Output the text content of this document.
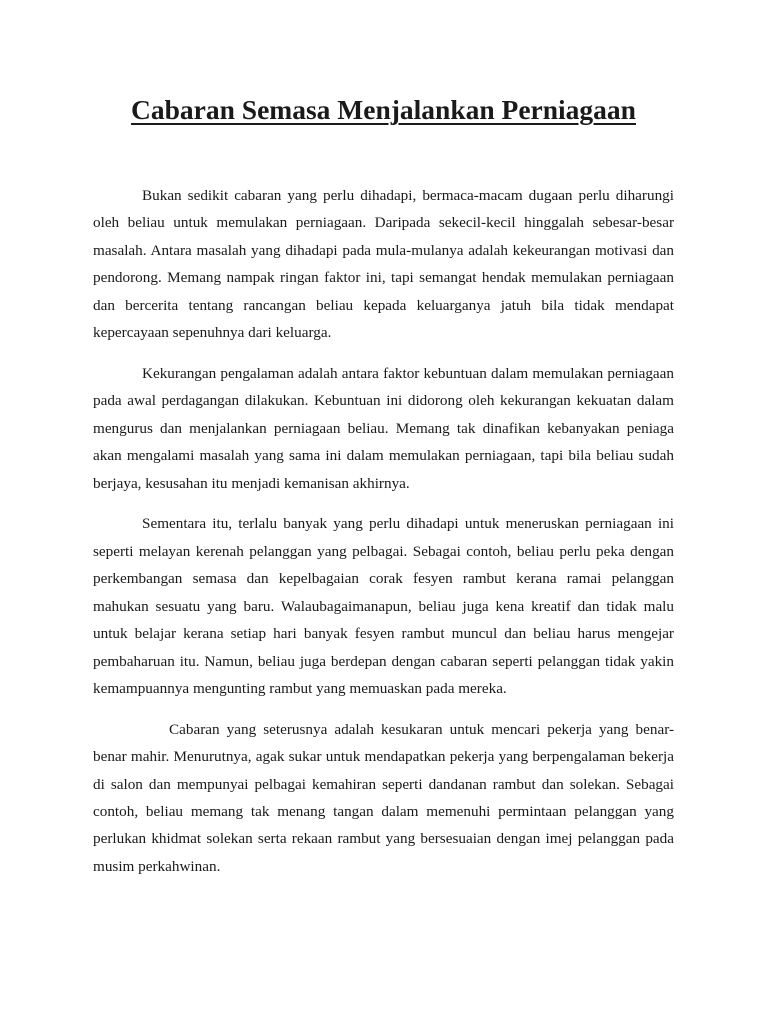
Cabaran Semasa Menjalankan Perniagaan

Bukan sedikit cabaran yang perlu dihadapi, bermaca-macam dugaan perlu diharungi oleh beliau untuk memulakan perniagaan. Daripada sekecil-kecil hinggalah sebesar-besar masalah. Antara masalah yang dihadapi pada mula-mulanya adalah kekeurangan motivasi dan pendorong. Memang nampak ringan faktor ini, tapi semangat hendak memulakan perniagaan dan bercerita tentang rancangan beliau kepada keluarganya jatuh bila tidak mendapat kepercayaan sepenuhnya dari keluarga.

Kekurangan pengalaman adalah antara faktor kebuntuan dalam memulakan perniagaan pada awal perdagangan dilakukan. Kebuntuan ini didorong oleh kekurangan kekuatan dalam mengurus dan menjalankan perniagaan beliau. Memang tak dinafikan kebanyakan peniaga akan mengalami masalah yang sama ini dalam memulakan perniagaan, tapi bila beliau sudah berjaya, kesusahan itu menjadi kemanisan akhirnya.

Sementara itu, terlalu banyak yang perlu dihadapi untuk meneruskan perniagaan ini seperti melayan kerenah pelanggan yang pelbagai. Sebagai contoh, beliau perlu peka dengan perkembangan semasa dan kepelbagaian corak fesyen rambut kerana ramai pelanggan mahukan sesuatu yang baru. Walaubagaimanapun, beliau juga kena kreatif dan tidak malu untuk belajar kerana setiap hari banyak fesyen rambut muncul dan beliau harus mengejar pembaharuan itu. Namun, beliau juga berdepan dengan cabaran seperti pelanggan tidak yakin kemampuannya mengunting rambut yang memuaskan pada mereka.

Cabaran yang seterusnya adalah kesukaran untuk mencari pekerja yang benar-benar mahir. Menurutnya, agak sukar untuk mendapatkan pekerja yang berpengalaman bekerja di salon dan mempunyai pelbagai kemahiran seperti dandanan rambut dan solekan. Sebagai contoh, beliau memang tak menang tangan dalam memenuhi permintaan pelanggan yang perlukan khidmat solekan serta rekaan rambut yang bersesuaian dengan imej pelanggan pada musim perkahwinan.
